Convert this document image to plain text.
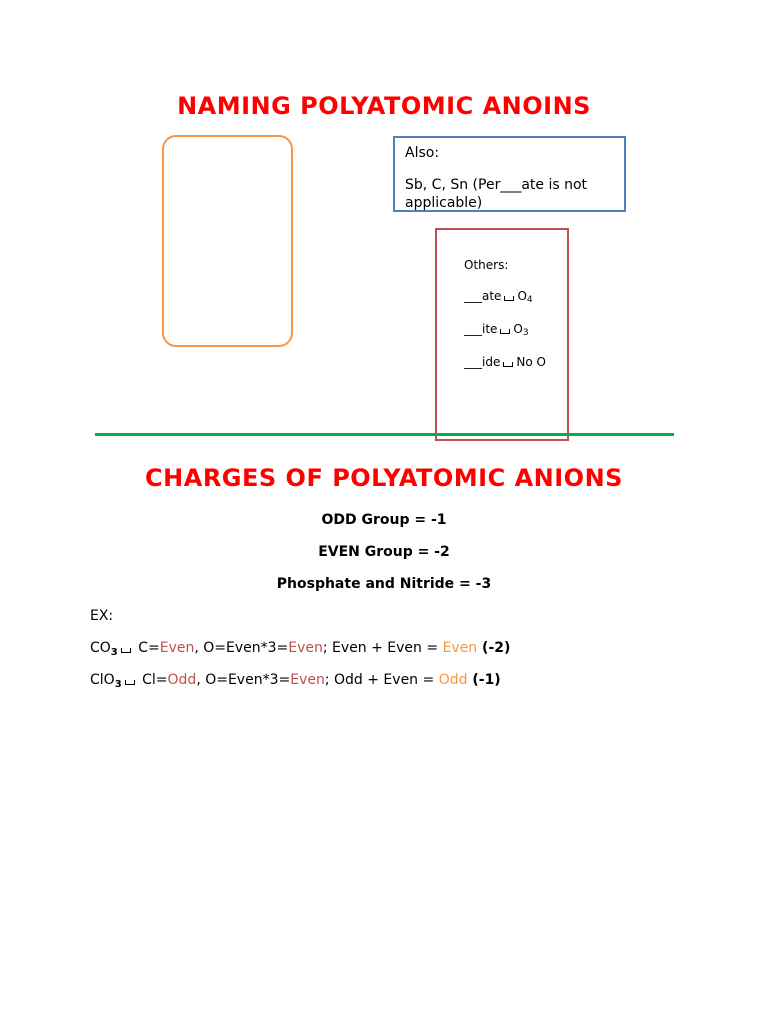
NAMING POLYATOMIC ANOINS

Also:

Sb, C, Sn (Per___ate is not applicable)

Others:
___ate O4
___ite O3
___ide No O
CHARGES OF POLYATOMIC ANIONS
ODD Group = -1
EVEN Group = -2
Phosphate and Nitride = -3
EX:
$CO_3$ C=Even, O=Even*3=Even; Even + Even = Even (-2)
ClO$_3$ Cl=Odd, O=Even*3=Even; Odd + Even = Odd (-1)
